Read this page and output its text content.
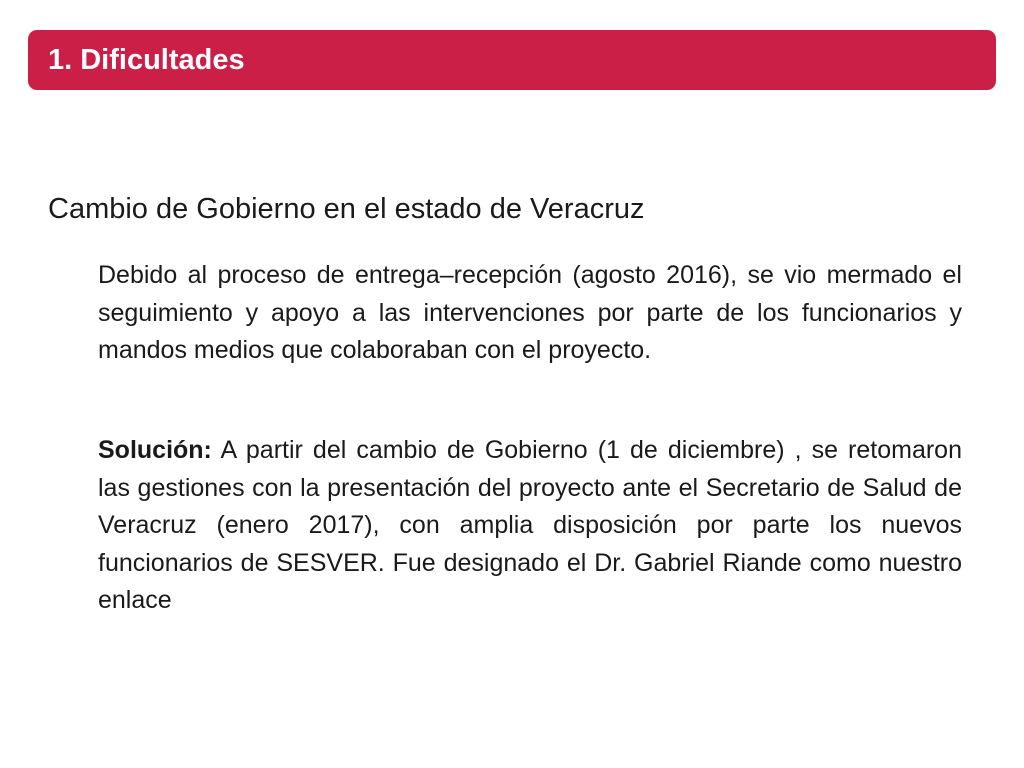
1. Dificultades
Cambio de Gobierno en el estado de Veracruz

Debido al proceso de entrega–recepción (agosto 2016), se vio mermado el seguimiento y apoyo a las intervenciones por parte de los funcionarios y mandos medios que colaboraban con el proyecto.

Solución: A partir del cambio de Gobierno (1 de diciembre) , se retomaron las gestiones con la presentación del proyecto ante el Secretario de Salud de Veracruz (enero 2017), con amplia disposición por parte los nuevos funcionarios de SESVER. Fue designado el Dr. Gabriel Riande como nuestro enlace
